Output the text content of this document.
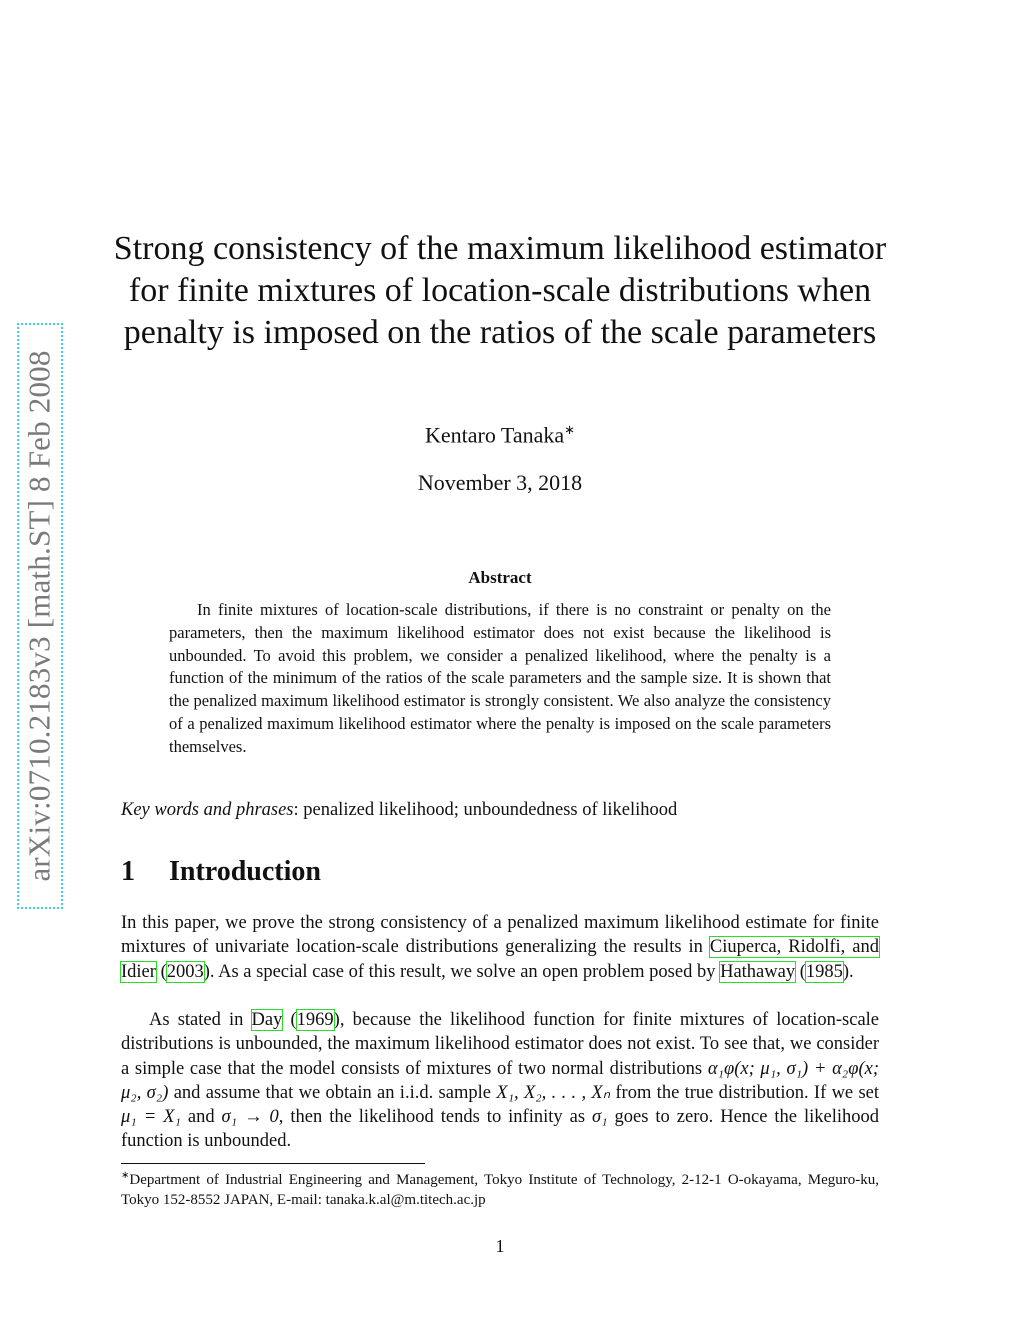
arXiv:0710.2183v3 [math.ST] 8 Feb 2008
Strong consistency of the maximum likelihood estimator for finite mixtures of location-scale distributions when penalty is imposed on the ratios of the scale parameters
Kentaro Tanaka∗
November 3, 2018
Abstract

In finite mixtures of location-scale distributions, if there is no constraint or penalty on the parameters, then the maximum likelihood estimator does not exist because the likelihood is unbounded. To avoid this problem, we consider a penalized likelihood, where the penalty is a function of the minimum of the ratios of the scale parameters and the sample size. It is shown that the penalized maximum likelihood estimator is strongly consistent. We also analyze the consistency of a penalized maximum likelihood estimator where the penalty is imposed on the scale parameters themselves.

Key words and phrases: penalized likelihood; unboundedness of likelihood
1 Introduction

In this paper, we prove the strong consistency of a penalized maximum likelihood estimate for finite mixtures of univariate location-scale distributions generalizing the results in Ciuperca, Ridolfi, and Idier (2003). As a special case of this result, we solve an open problem posed by Hathaway (1985).

As stated in Day (1969), because the likelihood function for finite mixtures of location-scale distributions is unbounded, the maximum likelihood estimator does not exist. To see that, we consider a simple case that the model consists of mixtures of two normal distributions α₁φ(x; μ₁, σ₁) + α₂φ(x; μ₂, σ₂) and assume that we obtain an i.i.d. sample X₁, X₂, . . . , Xₙ from the true distribution. If we set μ₁ = X₁ and σ₁ → 0, then the likelihood tends to infinity as σ₁ goes to zero. Hence the likelihood function is unbounded.

∗Department of Industrial Engineering and Management, Tokyo Institute of Technology, 2-12-1 O-okayama, Meguro-ku, Tokyo 152-8552 JAPAN, E-mail: tanaka.k.al@m.titech.ac.jp

1
